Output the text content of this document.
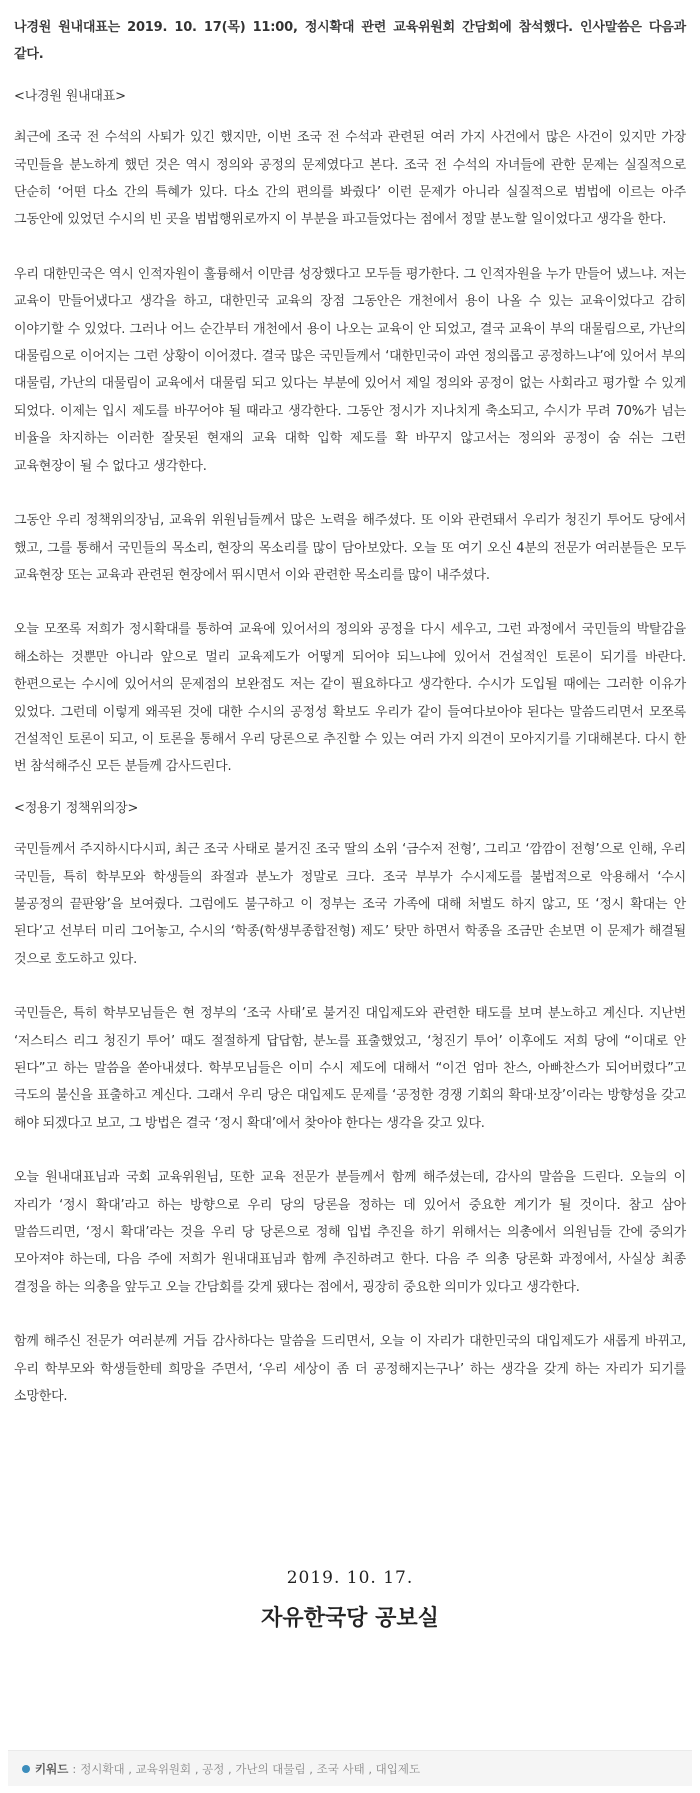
나경원 원내대표는 2019. 10. 17(목) 11:00, 정시확대 관련 교육위원회 간담회에 참석했다. 인사말씀은 다음과 같다.

<나경원 원내대표>

최근에 조국 전 수석의 사퇴가 있긴 했지만, 이번 조국 전 수석과 관련된 여러 가지 사건에서 많은 사건이 있지만 가장 국민들을 분노하게 했던 것은 역시 정의와 공정의 문제였다고 본다. 조국 전 수석의 자녀들에 관한 문제는 실질적으로 단순히 ‘어떤 다소 간의 특혜가 있다. 다소 간의 편의를 봐줬다’ 이런 문제가 아니라 실질적으로 범법에 이르는 아주 그동안에 있었던 수시의 빈 곳을 범법행위로까지 이 부분을 파고들었다는 점에서 정말 분노할 일이었다고 생각을 한다.

우리 대한민국은 역시 인적자원이 훌륭해서 이만큼 성장했다고 모두들 평가한다. 그 인적자원을 누가 만들어 냈느냐. 저는 교육이 만들어냈다고 생각을 하고, 대한민국 교육의 장점 그동안은 개천에서 용이 나올 수 있는 교육이었다고 감히 이야기할 수 있었다. 그러나 어느 순간부터 개천에서 용이 나오는 교육이 안 되었고, 결국 교육이 부의 대물림으로, 가난의 대물림으로 이어지는 그런 상황이 이어졌다. 결국 많은 국민들께서 ‘대한민국이 과연 정의롭고 공정하느냐’에 있어서 부의 대물림, 가난의 대물림이 교육에서 대물림 되고 있다는 부분에 있어서 제일 정의와 공정이 없는 사회라고 평가할 수 있게 되었다. 이제는 입시 제도를 바꾸어야 될 때라고 생각한다. 그동안 정시가 지나치게 축소되고, 수시가 무려 70%가 넘는 비율을 차지하는 이러한 잘못된 현재의 교육 대학 입학 제도를 확 바꾸지 않고서는 정의와 공정이 숨 쉬는 그런 교육현장이 될 수 없다고 생각한다.

그동안 우리 정책위의장님, 교육위 위원님들께서 많은 노력을 해주셨다. 또 이와 관련돼서 우리가 청진기 투어도 당에서 했고, 그를 통해서 국민들의 목소리, 현장의 목소리를 많이 담아보았다. 오늘 또 여기 오신 4분의 전문가 여러분들은 모두 교육현장 또는 교육과 관련된 현장에서 뛰시면서 이와 관련한 목소리를 많이 내주셨다.

오늘 모쪼록 저희가 정시확대를 통하여 교육에 있어서의 정의와 공정을 다시 세우고, 그런 과정에서 국민들의 박탈감을 해소하는 것뿐만 아니라 앞으로 멀리 교육제도가 어떻게 되어야 되느냐에 있어서 건설적인 토론이 되기를 바란다. 한편으로는 수시에 있어서의 문제점의 보완점도 저는 같이 필요하다고 생각한다. 수시가 도입될 때에는 그러한 이유가 있었다. 그런데 이렇게 왜곡된 것에 대한 수시의 공정성 확보도 우리가 같이 들여다보아야 된다는 말씀드리면서 모쪼록 건설적인 토론이 되고, 이 토론을 통해서 우리 당론으로 추진할 수 있는 여러 가지 의견이 모아지기를 기대해본다. 다시 한 번 참석해주신 모든 분들께 감사드린다.

<정용기 정책위의장>

국민들께서 주지하시다시피, 최근 조국 사태로 불거진 조국 딸의 소위 ‘금수저 전형’, 그리고 ‘깜깜이 전형’으로 인해, 우리 국민들, 특히 학부모와 학생들의 좌절과 분노가 정말로 크다. 조국 부부가 수시제도를 불법적으로 악용해서 ‘수시 불공정의 끝판왕’을 보여줬다. 그럼에도 불구하고 이 정부는 조국 가족에 대해 처벌도 하지 않고, 또 ‘정시 확대는 안 된다’고 선부터 미리 그어놓고, 수시의 ‘학종(학생부종합전형) 제도’ 탓만 하면서 학종을 조금만 손보면 이 문제가 해결될 것으로 호도하고 있다.

국민들은, 특히 학부모님들은 현 정부의 ‘조국 사태’로 불거진 대입제도와 관련한 태도를 보며 분노하고 계신다. 지난번 ‘저스티스 리그 청진기 투어’ 때도 절절하게 답답함, 분노를 표출했었고, ‘청진기 투어’ 이후에도 저희 당에 “이대로 안 된다”고 하는 말씀을 쏟아내셨다. 학부모님들은 이미 수시 제도에 대해서 “이건 엄마 찬스, 아빠찬스가 되어버렸다”고 극도의 불신을 표출하고 계신다. 그래서 우리 당은 대입제도 문제를 ‘공정한 경쟁 기회의 확대·보장’이라는 방향성을 갖고 해야 되겠다고 보고, 그 방법은 결국 ‘정시 확대’에서 찾아야 한다는 생각을 갖고 있다.

오늘 원내대표님과 국회 교육위원님, 또한 교육 전문가 분들께서 함께 해주셨는데, 감사의 말씀을 드린다. 오늘의 이 자리가 ‘정시 확대’라고 하는 방향으로 우리 당의 당론을 정하는 데 있어서 중요한 계기가 될 것이다. 참고 삼아 말씀드리면, ‘정시 확대’라는 것을 우리 당 당론으로 정해 입법 추진을 하기 위해서는 의총에서 의원님들 간에 중의가 모아져야 하는데, 다음 주에 저희가 원내대표님과 함께 추진하려고 한다. 다음 주 의총 당론화 과정에서, 사실상 최종 결정을 하는 의총을 앞두고 오늘 간담회를 갖게 됐다는 점에서, 굉장히 중요한 의미가 있다고 생각한다.

함께 해주신 전문가 여러분께 거듭 감사하다는 말씀을 드리면서, 오늘 이 자리가 대한민국의 대입제도가 새롭게 바뀌고, 우리 학부모와 학생들한테 희망을 주면서, ‘우리 세상이 좀 더 공정해지는구나’ 하는 생각을 갖게 하는 자리가 되기를 소망한다.

2019. 10. 17.
자유한국당 공보실
키워드 : 정시확대 , 교육위원회 , 공정 , 가난의 대물림 , 조국 사태 , 대입제도
